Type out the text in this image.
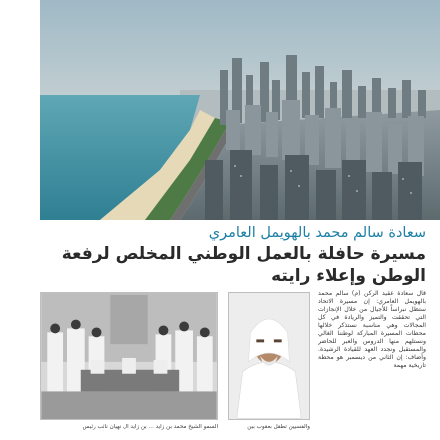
سعادة سالم محمد بالهويمل العامري
مسيرة حافلة بالعمل الوطني المخلص لرفعة الوطن وإعلاء رايته
قال سعادة عقيد الركن (م) سالم محمد بالهويمل العامري: إن مسيرة الاتحاد ستظل نبراساً للأجيال من خلال الإنجازات التي تحققت والتميز والريادة في كل المجالات وهي مناسبة نستذكر خلالها محطات المسيرة المباركة لوطننا الغالي ونستلهم منها الدروس والعبر للحاضر والمستقبل ونجدد العهد للقيادة الرشيدة. وأضاف: إن الثاني من ديسمبر هو محطة تاريخية مهمة
السمو الشيخ محمد بن زايد ... بن زايد آل نهيان نائب رئيس	والفسيين تطقل بعقوب بين
